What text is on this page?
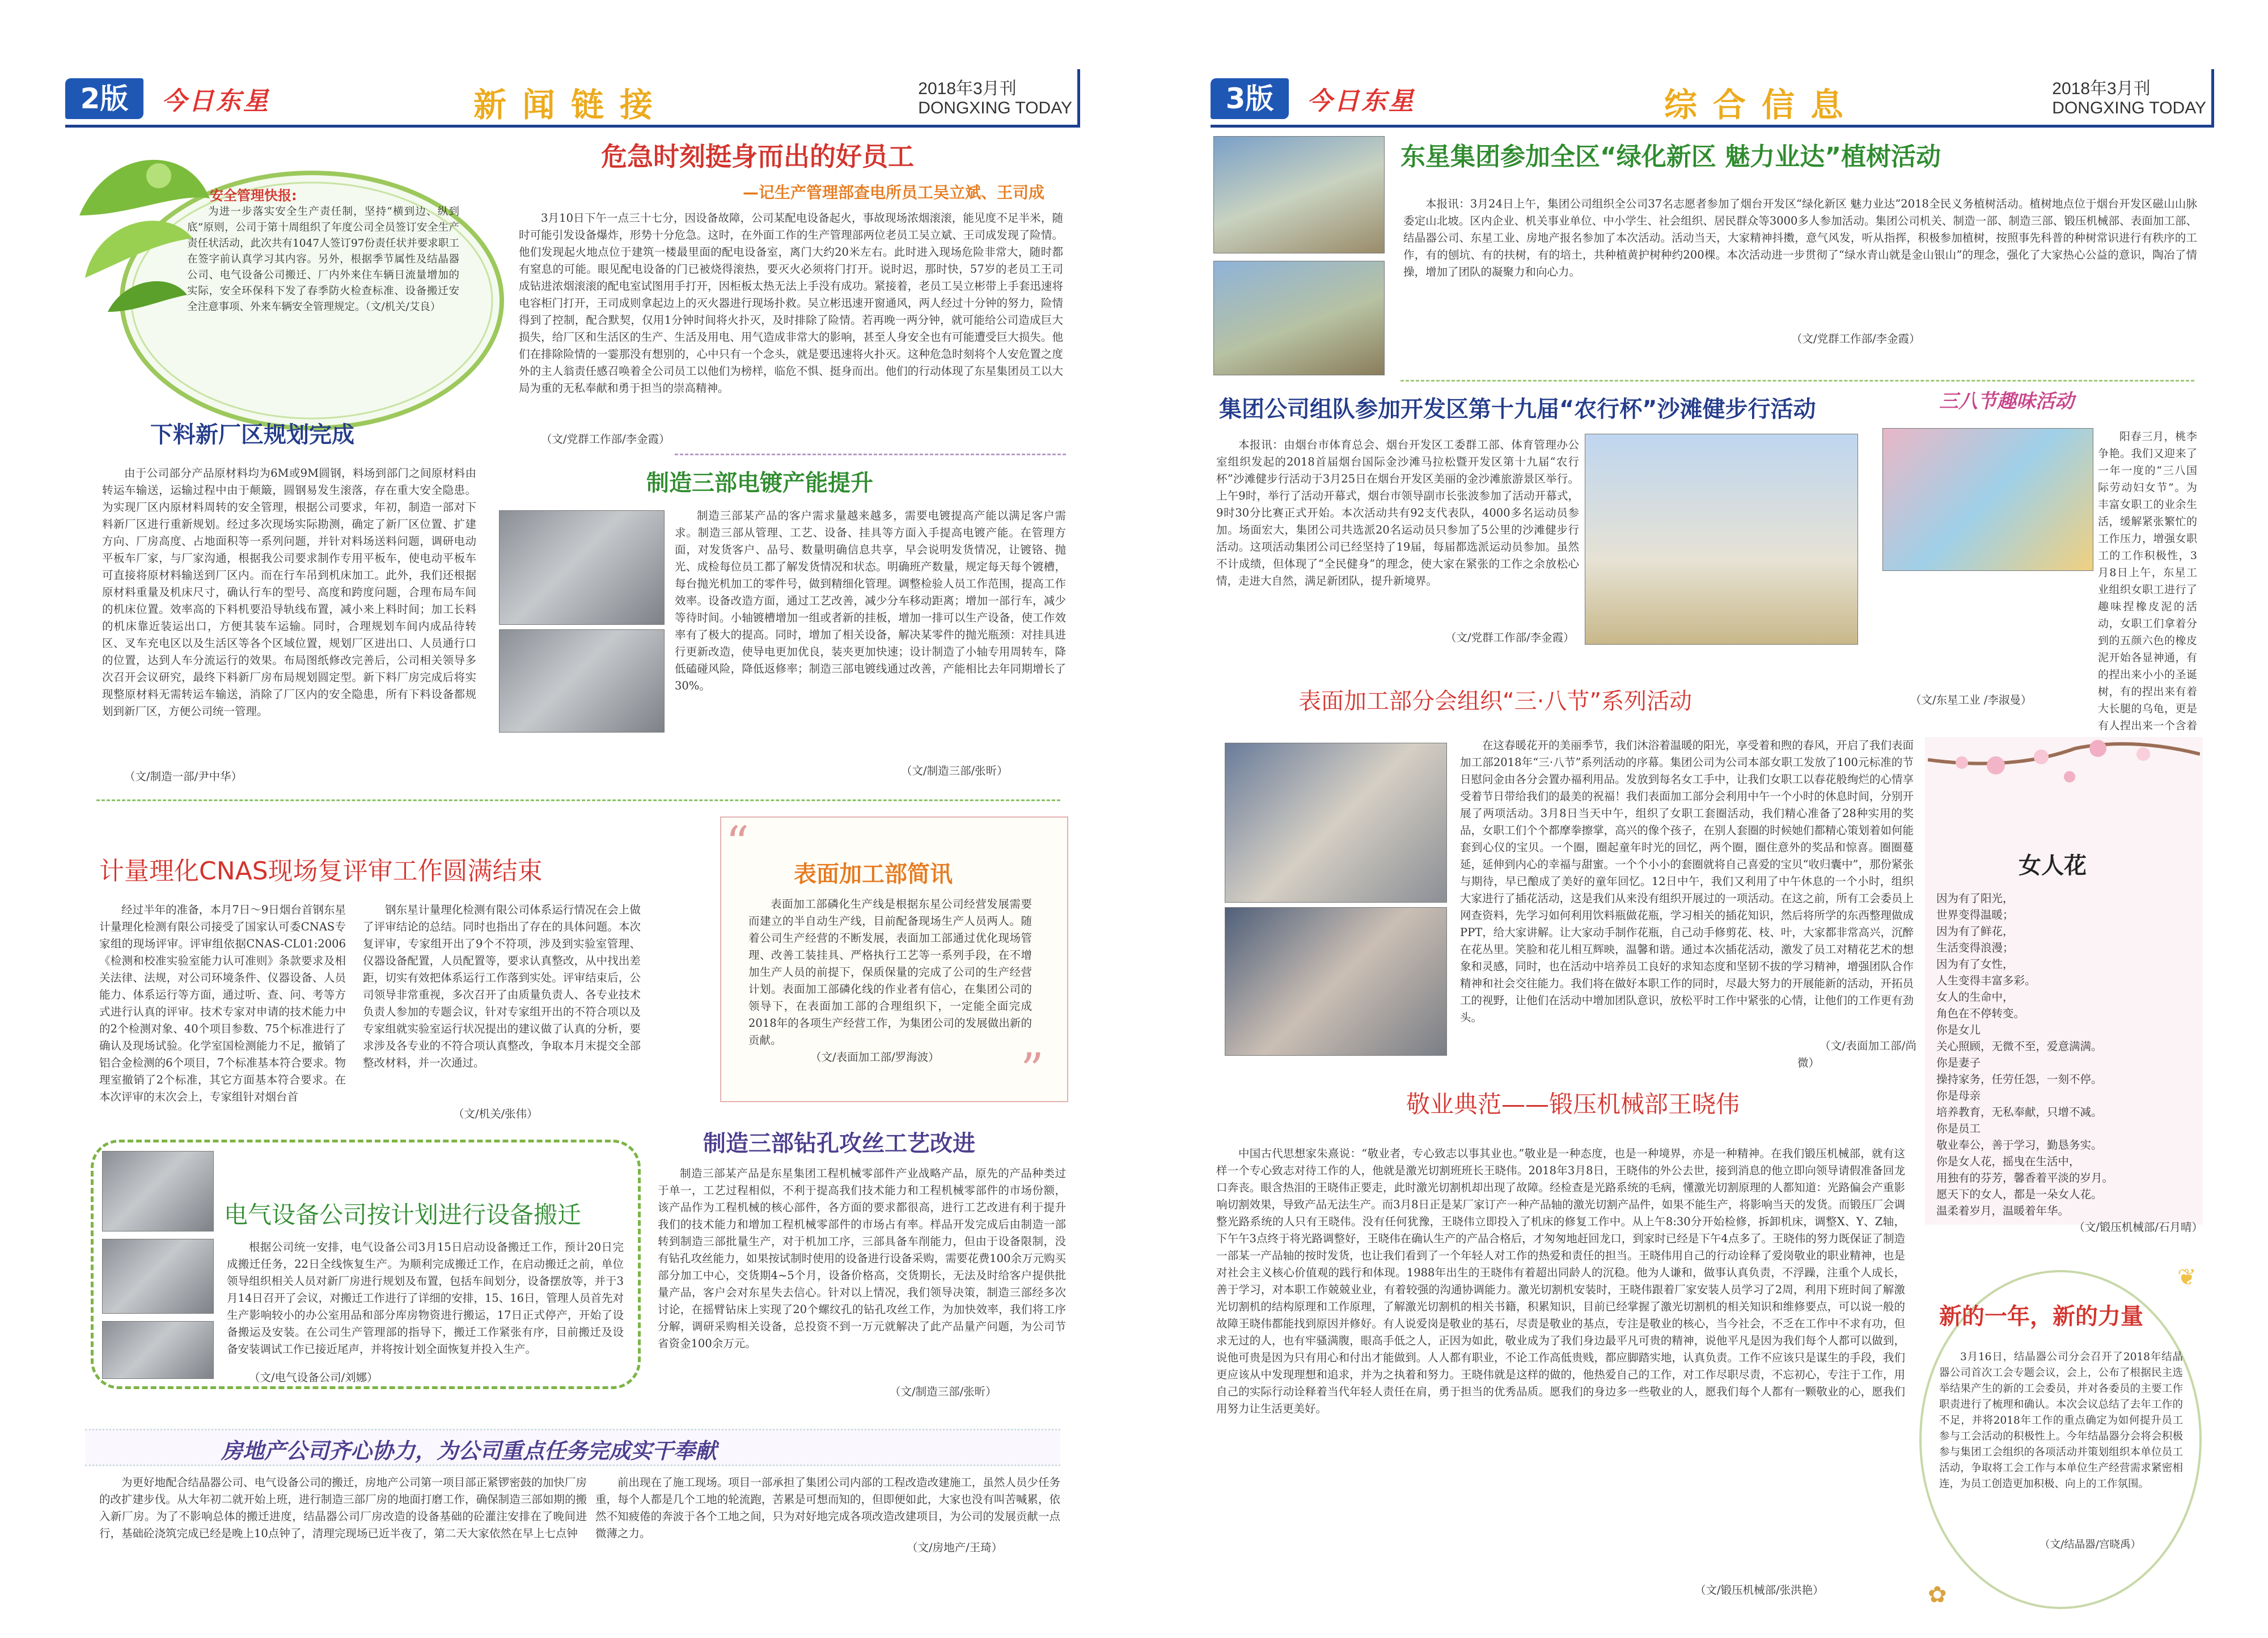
2版	今日东星	新闻链接	2018年3月刊
DONGXING TODAY
安全管理快报:
为进一步落实安全生产责任制，坚持“横到边、纵到底”原则，公司于第十周组织了年度公司全员签订安全生产责任状活动，此次共有1047人签订97份责任状并要求职工在签字前认真学习其内容。另外，根据季节属性及结晶器公司、电气设备公司搬迁、厂内外来住车辆日流量增加的实际，安全环保科下发了春季防火检查标准、设备搬迁安全注意事项、外来车辆安全管理规定。（文/机关/艾良）
危急时刻挺身而出的好员工
—记生产管理部查电所员工吴立斌、王司成
3月10日下午一点三十七分，因设备故障，公司某配电设备起火，事故现场浓烟滚滚，能见度不足半米，随时可能引发设备爆炸，形势十分危急。这时，在外面工作的生产管理部两位老员工吴立斌、王司成发现了险情。他们发现起火地点位于建筑一楼最里面的配电设备室，离门大约20米左右。此时进入现场危险非常大，随时都有窒息的可能。眼见配电设备的门已被烧得滚热，要灭火必须将门打开。说时迟，那时快，57岁的老员工王司成钻进浓烟滚滚的配电室试图用手打开，因柜板太热无法上手没有成功。紧接着，老员工吴立彬带上手套迅速将电容柜门打开，王司成则拿起边上的灭火器进行现场扑救。吴立彬迅速开窗通风，两人经过十分钟的努力，险情得到了控制，配合默契，仅用1分钟时间将火扑灭，及时排除了险情。若再晚一两分钟，就可能给公司造成巨大损失，给厂区和生活区的生产、生活及用电、用气造成非常大的影响，甚至人身安全也有可能遭受巨大损失。他们在排除险情的一霎那没有想别的，心中只有一个念头，就是要迅速将火扑灭。这种危急时刻将个人安危置之度外的主人翁责任感召唤着全公司员工以他们为榜样，临危不惧、挺身而出。他们的行动体现了东星集团员工以大局为重的无私奉献和勇于担当的崇高精神。
（文/党群工作部/李金霞）
下料新厂区规划完成
由于公司部分产品原材料均为6M或9M圆钢，料场到部门之间原材料由转运车输送，运输过程中由于颠簸，圆钢易发生滚落，存在重大安全隐患。为实现厂区内原材料周转的安全管理，根据公司要求，年初，制造一部对下料新厂区进行重新规划。经过多次现场实际勘测，确定了新厂区位置、扩建方向、厂房高度、占地面积等一系列问题，并针对料场送料问题，调研电动平板车厂家，与厂家沟通，根据我公司要求制作专用平板车，使电动平板车可直接将原材料输送到厂区内。而在行车吊到机床加工。此外，我们还根据原材料重量及机床尺寸，确认行车的型号、高度和跨度问题，合理布局车间的机床位置。效率高的下料机要沿导轨线布置，减小来上料时间；加工长料的机床靠近装运出口，方便其装车运输。同时，合理规划车间内成品待转区、叉车充电区以及生活区等各个区域位置，规划厂区进出口、人员通行口的位置，达到人车分流运行的效果。布局图纸修改完善后，公司相关领导多次召开会议研究，最终下料新厂房布局规划圆定型。新下料厂房完成后将实现整原材料无需转运车输送，消除了厂区内的安全隐患，所有下料设备都规划到新厂区，方便公司统一管理。
（文/制造一部/尹中华）
制造三部电镀产能提升
制造三部某产品的客户需求量越来越多，需要电镀提高产能以满足客户需求。制造三部从管理、工艺、设备、挂具等方面入手提高电镀产能。在管理方面，对发货客户、品号、数量明确信息共享，早会说明发货情况，让镀铬、抛光、成检每位员工都了解发货情况和状态。明确班产数量，规定每天每个镀槽，每台抛光机加工的零件号，做到精细化管理。调整检验人员工作范围，提高工作效率。设备改造方面，通过工艺改善，减少分车移动距离；增加一部行车，减少等待时间。小轴镀槽增加一组或者新的挂板，增加一排可以生产设备，使工作效率有了极大的提高。同时，增加了相关设备，解决某零件的抛光瓶颈：对挂具进行更新改造，使导电更加优良，装夹更加快速；设计制造了小轴专用周转车，降低磕碰风险，降低返修率；制造三部电镀线通过改善，产能相比去年同期增长了30%。
（文/制造三部/张昕）
计量理化CNAS现场复评审工作圆满结束
经过半年的准备，本月7日～9日烟台首钢东星计量理化检测有限公司接受了国家认可委CNAS专家组的现场评审。评审组依据CNAS-CL01:2006《检测和校准实验室能力认可准则》条款要求及相关法律、法规，对公司环境条件、仪器设备、人员能力、体系运行等方面，通过听、查、问、考等方式进行认真的评审。技术专家对申请的技术能力中的2个检测对象、40个项目参数、75个标准进行了确认及现场试验。化学室国检测能力不足，撤销了铝合金检测的6个项目，7个标准基本符合要求。物理室撤销了2个标准，其它方面基本符合要求。在本次评审的末次会上，专家组针对烟台首
钢东星计量理化检测有限公司体系运行情况在会上做了评审结论的总结。同时也指出了存在的具体问题。本次复评审，专家组开出了9个不符项，涉及到实验室管理、仪器设备配置，人员配置等，要求认真整改，从中找出差距，切实有效把体系运行工作落到实处。评审结束后，公司领导非常重视，多次召开了由质量负责人、各专业技术负责人参加的专题会议，针对专家组开出的不符合项以及专家组就实验室运行状况提出的建议做了认真的分析，要求涉及各专业的不符合项认真整改，争取本月末提交全部整改材料，并一次通过。
（文/机关/张伟）
“
”
表面加工部简讯
表面加工部磷化生产线是根据东星公司经营发展需要而建立的半自动生产线，目前配备现场生产人员两人。随着公司生产经营的不断发展，表面加工部通过优化现场管理、改善工装挂具、严格执行工艺等一系列手段，在不增加生产人员的前提下，保质保量的完成了公司的生产经营计划。表面加工部磷化线的作业者有信心，在集团公司的领导下，在表面加工部的合理组织下，一定能全面完成2018年的各项生产经营工作，为集团公司的发展做出新的贡献。
（文/表面加工部/罗海波）
电气设备公司按计划进行设备搬迁
根据公司统一安排，电气设备公司3月15日启动设备搬迁工作，预计20日完成搬迁任务，22日全线恢复生产。为顺利完成搬迁工作，在启动搬迁之前，单位领导组织相关人员对新厂房进行规划及布置，包括车间划分，设备摆放等，并于3月14日召开了会议，对搬迁工作进行了详细的安排，15、16日，管理人员首先对生产影响较小的办公室用品和部分库房物资进行搬运，17日正式停产，开始了设备搬运及安装。在公司生产管理部的指导下，搬迁工作紧张有序，目前搬迁及设备安装调试工作已接近尾声，并将按计划全面恢复并投入生产。
（文/电气设备公司/刘娜）
制造三部钻孔攻丝工艺改进
制造三部某产品是东星集团工程机械零部件产业战略产品，原先的产品种类过于单一，工艺过程相似，不利于提高我们技术能力和工程机械零部件的市场份额，该产品作为工程机械的核心部件，各方面的要求都很高，进行工艺改进有利于提升我们的技术能力和增加工程机械零部件的市场占有率。样品开发完成后由制造一部转到制造三部批量生产，对于机加工序，三部具备车削能力，但由于设备限制，没有钻孔攻丝能力，如果按试制时使用的设备进行设备采购，需要花费100余万元购买部分加工中心，交货期4~5个月，设备价格高，交货期长，无法及时给客户提供批量产品，客户会对东星失去信心。针对以上情况，我们领导决策，制造三部经多次讨论，在摇臂钻床上实现了20个螺纹孔的钻孔攻丝工作，为加快效率，我们将工序分解，调研采购相关设备，总投资不到一万元就解决了此产品量产问题，为公司节省资金100余万元。
（文/制造三部/张昕）
房地产公司齐心协力，为公司重点任务完成实干奉献
为更好地配合结晶器公司、电气设备公司的搬迁，房地产公司第一项目部正紧锣密鼓的加快厂房的改扩建步伐。从大年初二就开始上班，进行制造三部厂房的地面打磨工作，确保制造三部如期的搬入新厂房。为了不影响总体的搬迁进度，结晶器公司厂房改造的设备基础的砼灌注安排在了晚间进行，基础砼浇筑完成已经是晚上10点钟了，清理完现场已近半夜了，第二天大家依然在早上七点钟
前出现在了施工现场。项目一部承担了集团公司内部的工程改造改建施工，虽然人员少任务重，每个人都是几个工地的轮流跑，苦累是可想而知的，但即便如此，大家也没有叫苦喊累，依然不知疲倦的奔波于各个工地之间，只为对好地完成各项改造改建项目，为公司的发展贡献一点微薄之力。
（文/房地产/王琦）
3版	今日东星	综合信息	2018年3月刊
DONGXING TODAY
东星集团参加全区“绿化新区 魅力业达”植树活动
本报讯：3月24日上午，集团公司组织全公司37名志愿者参加了烟台开发区“绿化新区 魅力业达”2018全民义务植树活动。植树地点位于烟台开发区磁山山脉委定山北坡。区内企业、机关事业单位、中小学生、社会组织、居民群众等3000多人参加活动。集团公司机关、制造一部、制造三部、锻压机械部、表面加工部、结晶器公司、东星工业、房地产报名参加了本次活动。活动当天，大家精神抖擞，意气风发，听从指挥，积极参加植树，按照事先科普的种树常识进行有秩序的工作，有的刨坑、有的扶树，有的培土，共种植黄护树种约200棵。本次活动进一步贯彻了“绿水青山就是金山银山”的理念，强化了大家热心公益的意识，陶冶了情操，增加了团队的凝聚力和向心力。
（文/党群工作部/李金霞）
集团公司组队参加开发区第十九届“农行杯”沙滩健步行活动
本报讯：由烟台市体育总会、烟台开发区工委群工部、体育管理办公室组织发起的2018首届烟台国际金沙滩马拉松暨开发区第十九届“农行杯”沙滩健步行活动于3月25日在烟台开发区美丽的金沙滩旅游景区举行。上午9时，举行了活动开幕式，烟台市领导副市长张波参加了活动开幕式，9时30分比赛正式开始。本次活动共有92支代表队，4000多名运动员参加。场面宏大，集团公司共选派20名运动员只参加了5公里的沙滩健步行活动。这项活动集团公司已经坚持了19届，每届都选派运动员参加。虽然不计成绩，但体现了“全民健身”的理念，使大家在紧张的工作之余放松心情，走进大自然，满足新团队，提升新境界。
（文/党群工作部/李金霞）
三八节趣味活动
阳春三月，桃李争艳。我们又迎来了一年一度的“三八国际劳动妇女节”。为丰富女职工的业余生活，缓解紧张繁忙的工作压力，增强女职工的工作积极性，3月8日上午，东星工业组织女职工进行了趣味捏橡皮泥的活动，女职工们拿着分到的五颜六色的橡皮泥开始各显神通，有的捏出来小小的圣诞树，有的捏出来有着大长腿的乌龟，更是有人捏出来一个含着
（文/东星工业 /李淑曼）
表面加工部分会组织“三·八节”系列活动
在这春暖花开的美丽季节，我们沐浴着温暖的阳光，享受着和煦的春风，开启了我们表面加工部2018年“三·八节”系列活动的序幕。集团公司为公司本部女职工发放了100元标准的节日慰问金由各分会置办福利用品。发放到每名女工手中，让我们女职工以春花般绚烂的心情享受着节日带给我们的最美的祝福！我们表面加工部分会利用中午一个小时的休息时间，分别开展了两项活动。3月8日当天中午，组织了女职工套圈活动，我们精心准备了28种实用的奖品，女职工们个个都摩拳擦掌，高兴的像个孩子，在别人套圈的时候她们都精心策划着如何能套到心仪的宝贝。一个圈，圈起童年时光的回忆，两个圈，圈住意外的奖品和惊喜。圈圈蔓延，延伸到内心的幸福与甜蜜。一个个小小的套圈就将自己喜爱的宝贝“收归囊中”，那份紧张与期待，早已酿成了美好的童年回忆。12日中午，我们又利用了中午休息的一个小时，组织大家进行了插花活动，这是我们从来没有组织开展过的一项活动。在这之前，所有工会委员上网查资料，先学习如何利用饮料瓶做花瓶，学习相关的插花知识，然后将所学的东西整理做成PPT，给大家讲解。让大家动手制作花瓶，自己动手修剪花、枝、叶，大家都非常高兴，沉醉在花丛里。笑脸和花儿相互辉映，温馨和谐。通过本次插花活动，激发了员工对精花艺术的想象和灵感，同时，也在活动中培养员工良好的求知态度和坚韧不拔的学习精神，增强团队合作精神和社会交往能力。我们将在做好本职工作的同时，尽最大努力的开展能新的活动，开拓员工的视野，让他们在活动中增加团队意识，放松平时工作中紧张的心情，让他们的工作更有劲头。
（文/表面加工部/尚微）
女人花
因为有了阳光，
世界变得温暖；
因为有了鲜花，
生活变得浪漫；
因为有了女性，
人生变得丰富多彩。
女人的生命中，
角色在不停转变。
你是女儿
关心照顾，无微不至，爱意满满。
你是妻子
操持家务，任劳任怨，一刻不停。
你是母亲
培养教育，无私奉献，只增不减。
你是员工
敬业奉公，善于学习，勤恳务实。
你是女人花，摇曳在生活中，
用独有的芬芳，馨香着平淡的岁月。
愿天下的女人，都是一朵女人花。
温柔着岁月，温暖着年华。
（文/锻压机械部/石月晴）
敬业典范——锻压机械部王晓伟
中国古代思想家朱熹说：“敬业者，专心致志以事其业也。”敬业是一种态度，也是一种境界，亦是一种精神。在我们锻压机械部，就有这样一个专心致志对待工作的人，他就是激光切割班班长王晓伟。2018年3月8日，王晓伟的外公去世，接到消息的他立即向领导请假准备回龙口奔丧。眼含热泪的王晓伟正要走，此时激光切割机却出现了故障。经检查是光路系统的毛病，懂激光切割原理的人都知道：光路偏会产重影响切割效果，导致产品无法生产。而3月8日正是某厂家订产一种产品轴的激光切割产品件，如果不能生产，将影响当天的发货。而锻压厂会调整光路系统的人只有王晓伟。没有任何犹豫，王晓伟立即投入了机床的修复工作中。从上午8:30分开始检修，拆卸机床，调整X、Y、Z轴，下午午3点终于将光路调整好，王晓伟在确认生产的产品合格后，才匆匆地赶回龙口，到家时已经是下午4点多了。王晓伟的努力既保证了制造一部某一产品轴的按时发货，也让我们看到了一个年轻人对工作的热爱和责任的担当。王晓伟用自己的行动诠释了爱岗敬业的职业精神，也是对社会主义核心价值观的践行和体现。1988年出生的王晓伟有着超出同龄人的沉稳。他为人谦和，做事认真负责，不浮躁，注重个人成长，善于学习，对本职工作兢兢业业，有着较强的沟通协调能力。激光切割机安装时，王晓伟跟着厂家安装人员学习了2周，利用下班时间了解激光切割机的结构原理和工作原理，了解激光切割机的相关书籍，积累知识，目前已经掌握了激光切割机的相关知识和维修要点，可以说一般的故障王晓伟都能找到原因并修好。有人说爱岗是敬业的基石，尽责是敬业的基点，专注是敬业的核心，当今社会，不乏在工作中不求有功，但求无过的人，也有牢骚满腹，眼高手低之人，正因为如此，敬业成为了我们身边最平凡可贵的精神，说他平凡是因为我们每个人都可以做到，说他可贵是因为只有用心和付出才能做到。人人都有职业，不论工作高低贵贱，都应脚踏实地，认真负责。工作不应该只是谋生的手段，我们更应该从中发现理想和追求，并为之执着和努力。王晓伟就是这样的做的，他热爱自己的工作，对工作尽职尽责，不忘初心，专注于工作，用自己的实际行动诠释着当代年轻人责任在肩，勇于担当的优秀品质。愿我们的身边多一些敬业的人，愿我们每个人都有一颗敬业的心，愿我们用努力让生活更美好。
（文/锻压机械部/张洪艳）
新的一年，新的力量
3月16日，结晶器公司分会召开了2018年结晶器公司首次工会专题会议，会上，公布了根据民主选举结果产生的新的工会委员，并对各委员的主要工作职责进行了梳理和确认。本次会议总结了去年工作的不足，并将2018年工作的重点确定为如何提升员工参与工会活动的积极性上。今年结晶器分会将会积极参与集团工会组织的各项活动并策划组织本单位员工活动，争取将工会工作与本单位生产经营需求紧密相连，为员工创造更加积极、向上的工作氛围。
（文/结晶器/宫晓禹）
✿
❦
